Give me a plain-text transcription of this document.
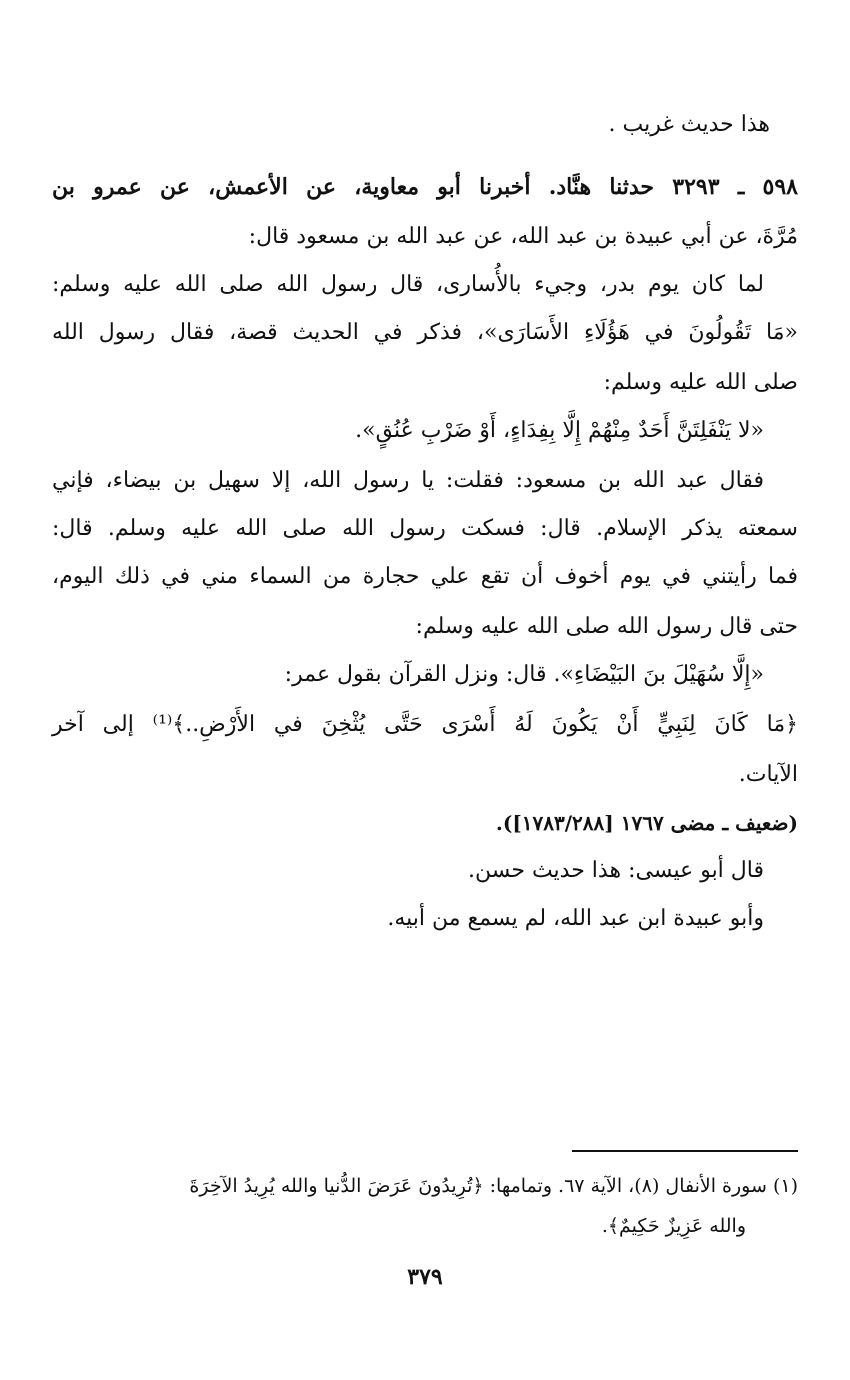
هذا حديث غريب .
٥٩٨ ـ ٣٢٩٣ حدثنا هنَّاد. أخبرنا أبو معاوية، عن الأعمش، عن عمرو بن
مُرَّةَ، عن أبي عبيدة بن عبد الله، عن عبد الله بن مسعود قال:
لما كان يوم بدر، وجيء بالأُسارى، قال رسول الله صلى الله عليه وسلم:
«مَا تَقُولُونَ في هَؤُلَاءِ الأَسَارَى»، فذكر في الحديث قصة، فقال رسول الله
صلى الله عليه وسلم:
«لا يَنْفَلِتَنَّ أَحَدٌ مِنْهُمْ إِلَّا بِفِدَاءٍ، أَوْ ضَرْبِ عُنُقٍ».
فقال عبد الله بن مسعود: فقلت: يا رسول الله، إلا سهيل بن بيضاء، فإني
سمعته يذكر الإسلام. قال: فسكت رسول الله صلى الله عليه وسلم. قال:
فما رأيتني في يوم أخوف أن تقع علي حجارة من السماء مني في ذلك اليوم،
حتى قال رسول الله صلى الله عليه وسلم:
«إِلَّا سُهَيْلَ بنَ البَيْضَاءِ». قال: ونزل القرآن بقول عمر:
﴿مَا كَانَ لِنَبِيٍّ أَنْ يَكُونَ لَهُ أَسْرَى حَتَّى يُثْخِنَ في الأَرْضِ..﴾⁽¹⁾ إلى آخر
الآيات.
(ضعيف ـ مضى ١٧٦٧ [١٧٨٣/٢٨٨]).
قال أبو عيسى: هذا حديث حسن.
وأبو عبيدة ابن عبد الله، لم يسمع من أبيه.
(١) سورة الأنفال (٨)، الآية ٦٧. وتمامها: ﴿تُرِيدُونَ عَرَضَ الدُّنيا والله يُرِيدُ الآخِرَةَ
والله عَزِيزٌ حَكِيمٌ﴾.
٣٧٩
